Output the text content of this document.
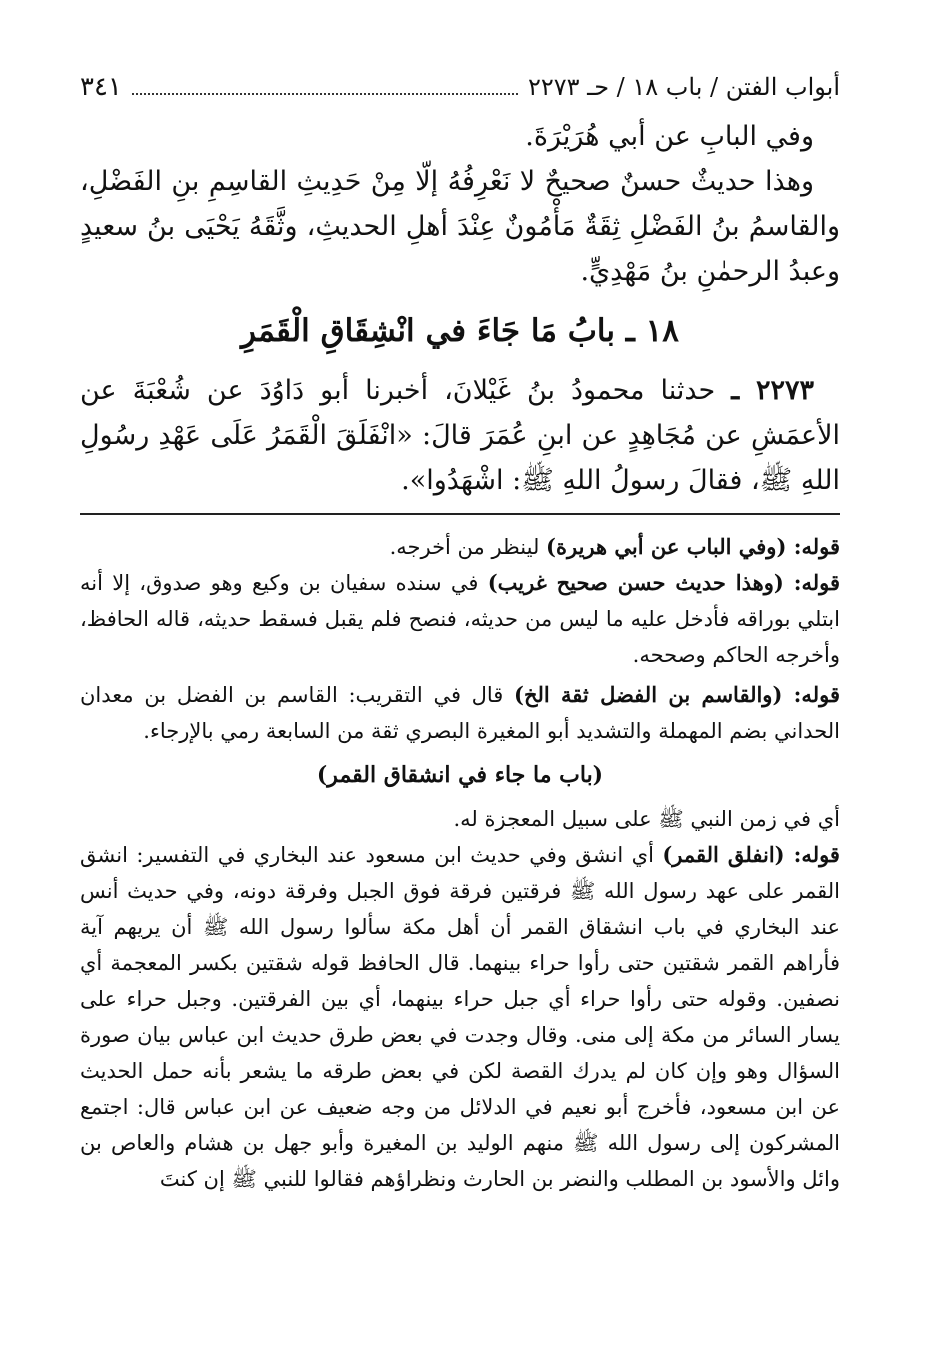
أبواب الفتن / باب ١٨ / حـ ٢٢٧٣
٣٤١

وفي البابِ عن أبي هُرَيْرَةَ.

وهذا حديثٌ حسنٌ صحيحٌ لا نَعْرِفُهُ إلّا مِنْ حَدِيثِ القاسِمِ بنِ الفَضْلِ، والقاسمُ بنُ الفَضْلِ ثِقَةٌ مَأْمُونٌ عِنْدَ أهلِ الحديثِ، وثَّقَهُ يَحْيَى بنُ سعيدٍ وعبدُ الرحمٰنِ بنُ مَهْدِيٍّ.

١٨ ـ بابُ مَا جَاءَ في انْشِقَاقِ الْقَمَرِ

٢٢٧٣ ـ حدثنا محمودُ بنُ غَيْلانَ، أخبرنا أبو دَاوُدَ عن شُعْبَةَ عن الأعمَشِ عن مُجَاهِدٍ عن ابنِ عُمَرَ قالَ: «انْفَلَقَ الْقَمَرُ عَلَى عَهْدِ رسُولِ اللهِ ﷺ، فقالَ رسولُ اللهِ ﷺ: اشْهَدُوا».

قوله: (وفي الباب عن أبي هريرة) لينظر من أخرجه.

قوله: (وهذا حديث حسن صحيح غريب) في سنده سفيان بن وكيع وهو صدوق، إلا أنه ابتلي بوراقه فأدخل عليه ما ليس من حديثه، فنصح فلم يقبل فسقط حديثه، قاله الحافظ، وأخرجه الحاكم وصححه.

قوله: (والقاسم بن الفضل ثقة الخ) قال في التقريب: القاسم بن الفضل بن معدان الحداني بضم المهملة والتشديد أبو المغيرة البصري ثقة من السابعة رمي بالإرجاء.

(باب ما جاء في انشقاق القمر)

أي في زمن النبي ﷺ على سبيل المعجزة له.

قوله: (انفلق القمر) أي انشق وفي حديث ابن مسعود عند البخاري في التفسير: انشق القمر على عهد رسول الله ﷺ فرقتين فرقة فوق الجبل وفرقة دونه، وفي حديث أنس عند البخاري في باب انشقاق القمر أن أهل مكة سألوا رسول الله ﷺ أن يريهم آية فأراهم القمر شقتين حتى رأوا حراء بينهما. قال الحافظ قوله شقتين بكسر المعجمة أي نصفين. وقوله حتى رأوا حراء أي جبل حراء بينهما، أي بين الفرقتين. وجبل حراء على يسار السائر من مكة إلى منى. وقال وجدت في بعض طرق حديث ابن عباس بيان صورة السؤال وهو وإن كان لم يدرك القصة لكن في بعض طرقه ما يشعر بأنه حمل الحديث عن ابن مسعود، فأخرج أبو نعيم في الدلائل من وجه ضعيف عن ابن عباس قال: اجتمع المشركون إلى رسول الله ﷺ منهم الوليد بن المغيرة وأبو جهل بن هشام والعاص بن وائل والأسود بن المطلب والنضر بن الحارث ونظراؤهم فقالوا للنبي ﷺ إن كنتَ
